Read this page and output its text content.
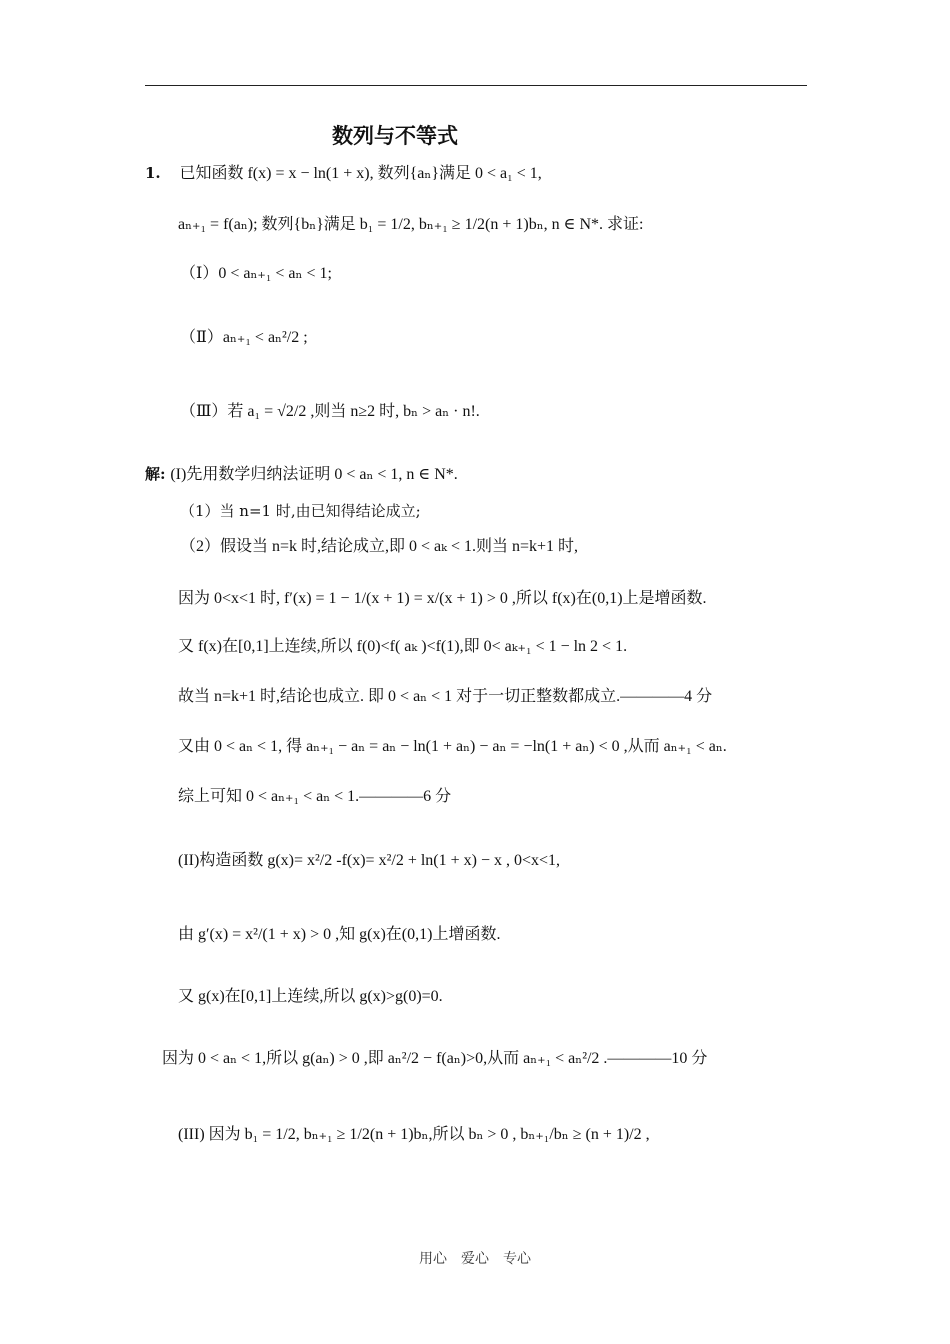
数列与不等式
1. 已知函数 f(x) = x − ln(1 + x), 数列{aₙ}满足 0 < a₁ < 1,
aₙ₊₁ = f(aₙ); 数列{bₙ}满足 b₁ = 1/2, bₙ₊₁ ≥ 1/2(n + 1)bₙ, n ∈ N*. 求证:
（Ⅰ）0 < aₙ₊₁ < aₙ < 1;
（Ⅱ）aₙ₊₁ < aₙ²/2 ;
（Ⅲ）若 a₁ = √2/2 ,则当 n≥2 时, bₙ > aₙ · n!.
解: (I)先用数学归纳法证明 0 < aₙ < 1, n ∈ N*.
（1）当 n=1 时,由已知得结论成立;
（2）假设当 n=k 时,结论成立,即 0 < aₖ < 1.则当 n=k+1 时,
因为 0<x<1 时, f′(x) = 1 − 1/(x + 1) = x/(x + 1) > 0 ,所以 f(x)在(0,1)上是增函数.
又 f(x)在[0,1]上连续,所以 f(0)<f( aₖ )<f(1),即 0< aₖ₊₁ < 1 − ln 2 < 1.
故当 n=k+1 时,结论也成立. 即 0 < aₙ < 1 对于一切正整数都成立.————4 分
又由 0 < aₙ < 1, 得 aₙ₊₁ − aₙ = aₙ − ln(1 + aₙ) − aₙ = −ln(1 + aₙ) < 0 ,从而 aₙ₊₁ < aₙ.
综上可知 0 < aₙ₊₁ < aₙ < 1.————6 分
(II)构造函数 g(x)= x²/2 -f(x)= x²/2 + ln(1 + x) − x , 0<x<1,
由 g′(x) = x²/(1 + x) > 0 ,知 g(x)在(0,1)上增函数.
又 g(x)在[0,1]上连续,所以 g(x)>g(0)=0.
因为 0 < aₙ < 1,所以 g(aₙ) > 0 ,即 aₙ²/2 − f(aₙ)>0,从而 aₙ₊₁ < aₙ²/2 .————10 分
(III) 因为 b₁ = 1/2, bₙ₊₁ ≥ 1/2(n + 1)bₙ,所以 bₙ > 0 , bₙ₊₁/bₙ ≥ (n + 1)/2 ,
用心　爱心　专心
